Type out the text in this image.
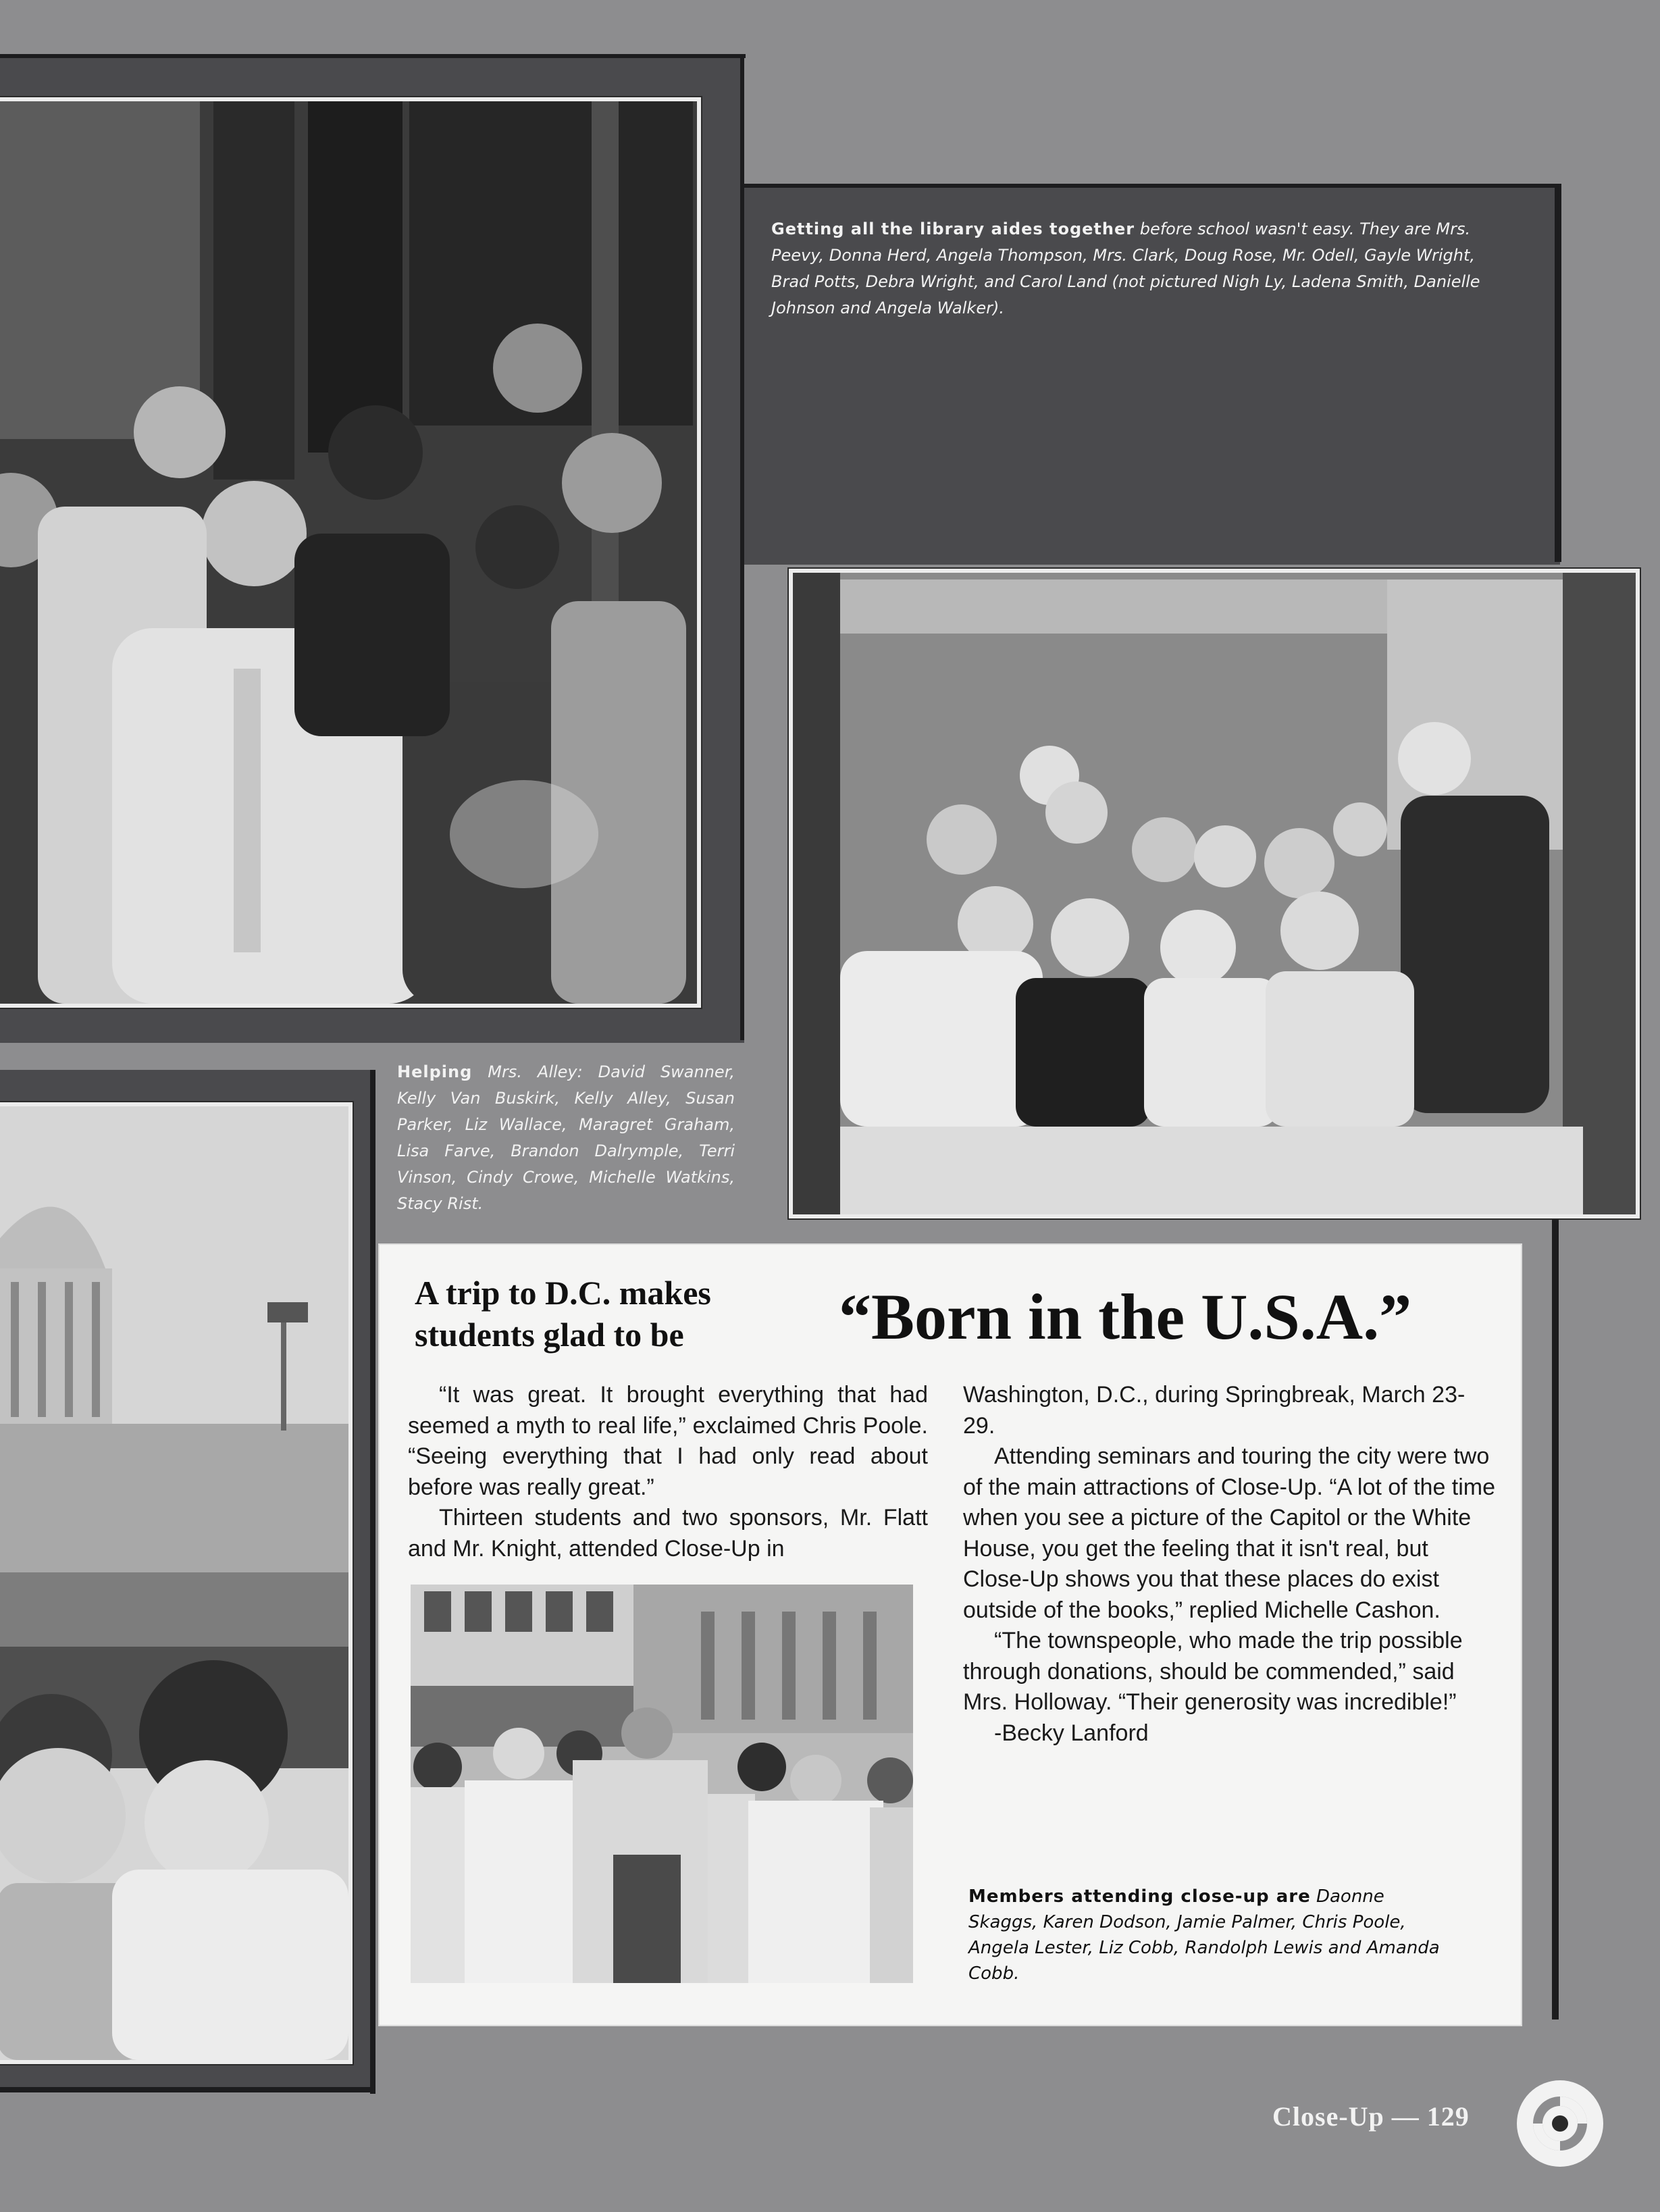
Getting all the library aides together before school wasn't easy. They are Mrs. Peevy, Donna Herd, Angela Thompson, Mrs. Clark, Doug Rose, Mr. Odell, Gayle Wright, Brad Potts, Debra Wright, and Carol Land (not pictured Nigh Ly, Ladena Smith, Danielle Johnson and Angela Walker).
Helping Mrs. Alley: David Swanner, Kelly Van Buskirk, Kelly Alley, Susan Parker, Liz Wallace, Maragret Graham, Lisa Farve, Brandon Dalrymple, Terri Vinson, Cindy Crowe, Michelle Watkins, Stacy Rist.
A trip to D.C. makes students glad to be	“Born in the U.S.A.”

“It was great. It brought everything that had seemed a myth to real life,” exclaimed Chris Poole. “Seeing everything that I had only read about before was really great.”

Thirteen students and two sponsors, Mr. Flatt and Mr. Knight, attended Close-Up in

Washington, D.C., during Springbreak, March 23-29.

Attending seminars and touring the city were two of the main attractions of Close-Up. “A lot of the time when you see a picture of the Capitol or the White House, you get the feeling that it isn't real, but Close-Up shows you that these places do exist outside of the books,” replied Michelle Cashon.

“The townspeople, who made the trip possible through donations, should be commended,” said Mrs. Holloway. “Their generosity was incredible!”

-Becky Lanford
Members attending close-up are Daonne Skaggs, Karen Dodson, Jamie Palmer, Chris Poole, Angela Lester, Liz Cobb, Randolph Lewis and Amanda Cobb.
Close-Up — 129
